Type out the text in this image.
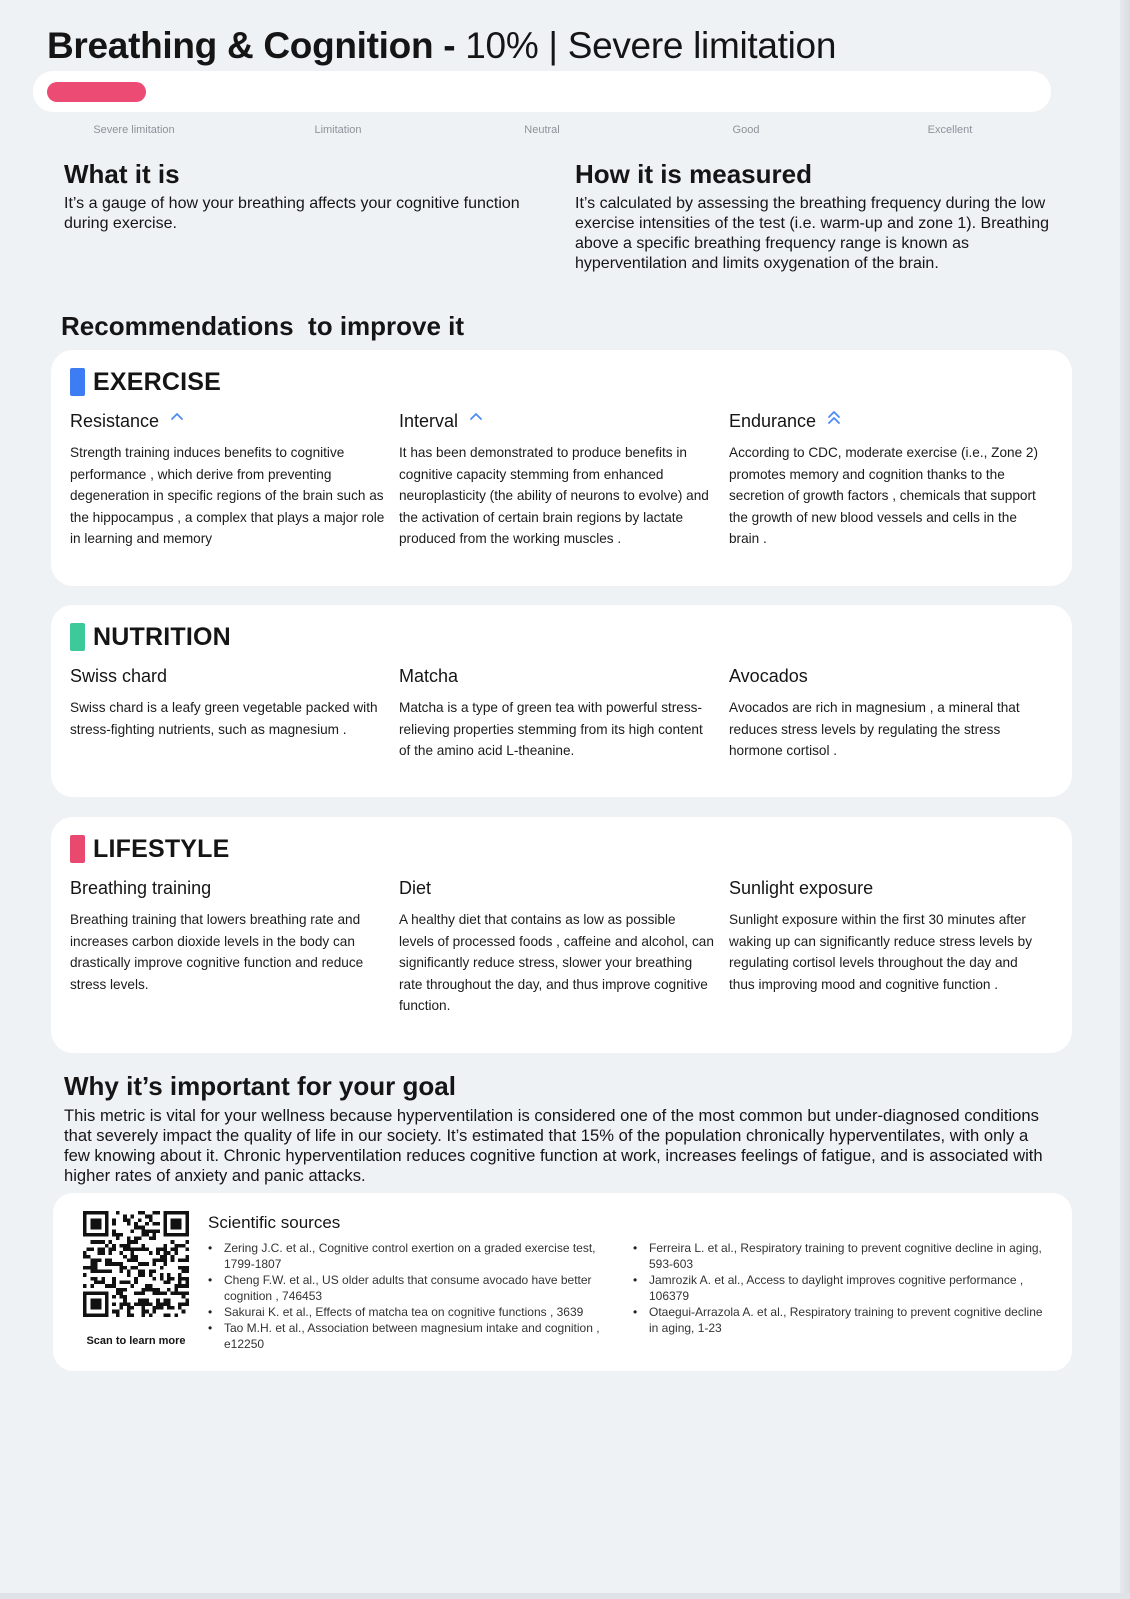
Breathing & Cognition - 10% | Severe limitation
Severe limitation	Limitation	Neutral	Good	Excellent
What it is
It’s a gauge of how your breathing affects your cognitive function during exercise.
How it is measured
It’s calculated by assessing the breathing frequency during the low exercise intensities of the test (i.e. warm-up and zone 1). Breathing above a specific breathing frequency range is known as hyperventilation and limits oxygenation of the brain.
Recommendations  to improve it
EXERCISE
Resistance
Strength training induces benefits to cognitive performance , which derive from preventing degeneration in specific regions of the brain such as the hippocampus , a complex that plays a major role in learning and memory
Interval
It has been demonstrated to produce benefits in cognitive capacity stemming from enhanced neuroplasticity (the ability of neurons to evolve) and the activation of certain brain regions by lactate produced from the working muscles .
Endurance
According to CDC, moderate exercise (i.e., Zone 2) promotes memory and cognition thanks to the secretion of growth factors , chemicals that support the growth of new blood vessels and cells in the brain .
NUTRITION
Swiss chard
Swiss chard is a leafy green vegetable packed with stress-fighting nutrients, such as magnesium .
Matcha
Matcha is a type of green tea with powerful stress-relieving properties stemming from its high content of the amino acid L-theanine.
Avocados
Avocados are rich in magnesium , a mineral that reduces stress levels by regulating the stress hormone cortisol .
LIFESTYLE
Breathing training
Breathing training that lowers breathing rate and increases carbon dioxide levels in the body can drastically improve cognitive function and reduce stress levels.
Diet
A healthy diet that contains as low as possible levels of processed foods , caffeine and alcohol, can significantly reduce stress, slower your breathing rate throughout the day, and thus improve cognitive function.
Sunlight exposure
Sunlight exposure within the first 30 minutes after waking up can significantly reduce stress levels by regulating cortisol levels throughout the day and thus improving mood and cognitive function .
Why it’s important for your goal
This metric is vital for your wellness because hyperventilation is considered one of the most common but under-diagnosed conditions that severely impact the quality of life in our society. It’s estimated that 15% of the population chronically hyperventilates, with only a few knowing about it. Chronic hyperventilation reduces cognitive function at work, increases feelings of fatigue, and is associated with higher rates of anxiety and panic attacks.
Scan to learn more
Scientific sources
• Zering J.C. et al., Cognitive control exertion on a graded exercise test, 1799-1807
• Cheng F.W. et al., US older adults that consume avocado have better cognition , 746453
• Sakurai K. et al., Effects of matcha tea on cognitive functions , 3639
• Tao M.H. et al., Association between magnesium intake and cognition , e12250
• Ferreira L. et al., Respiratory training to prevent cognitive decline in aging, 593-603
• Jamrozik A. et al., Access to daylight improves cognitive performance , 106379
• Otaegui-Arrazola A. et al., Respiratory training to prevent cognitive decline in aging, 1-23
